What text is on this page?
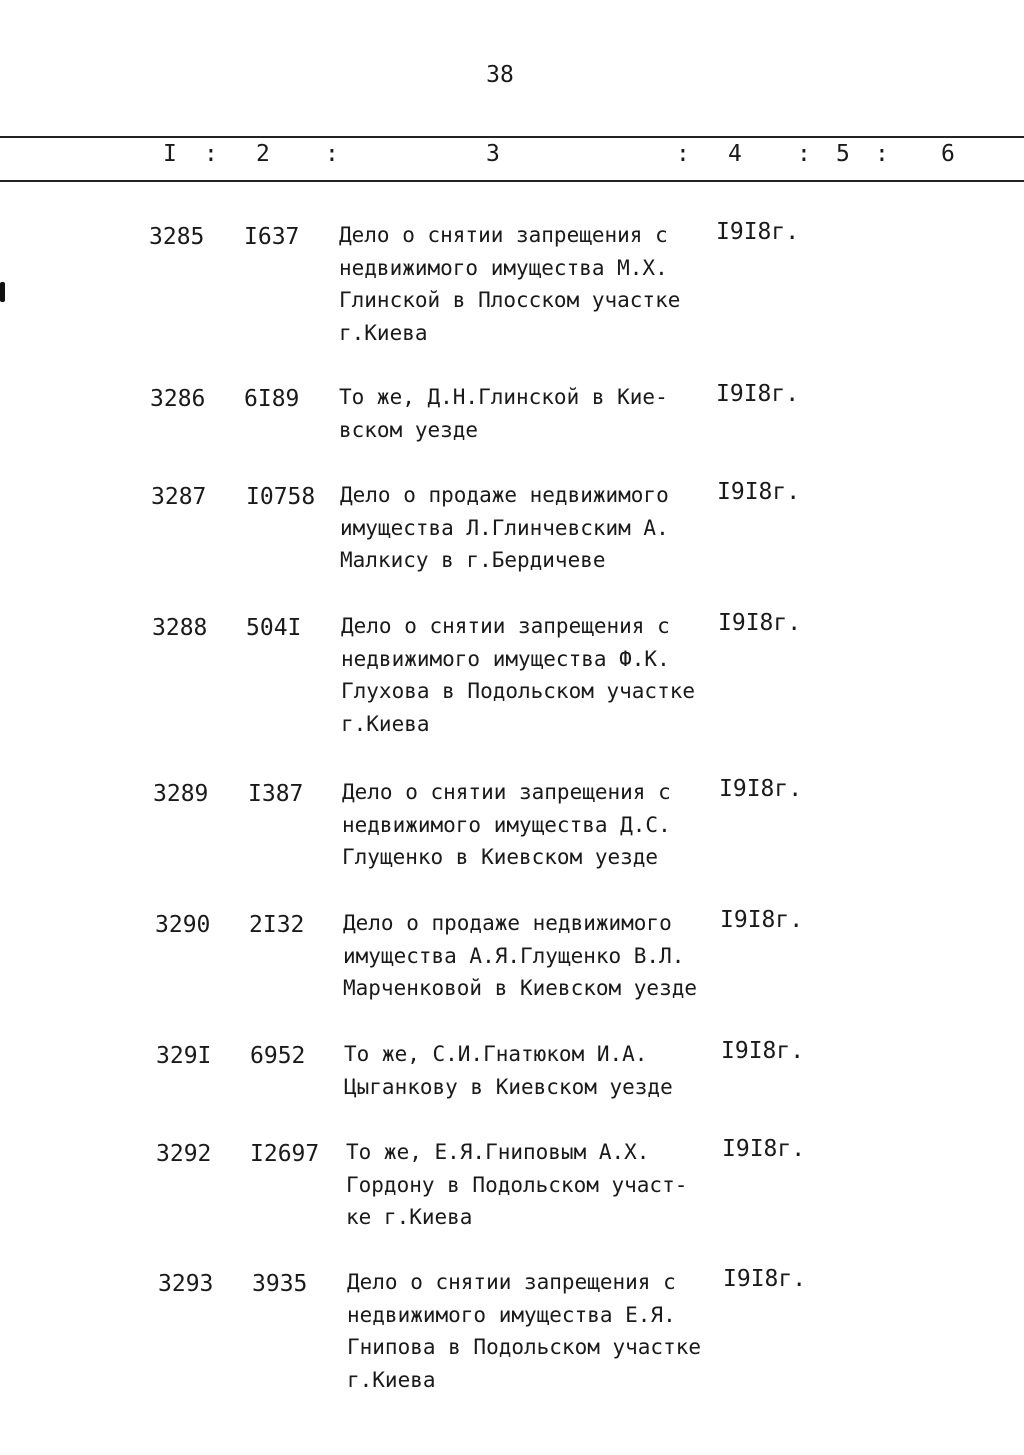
38
I : 2 :	3	: 4 : 5 : 6
3285 I637 Дело о снятии запрещения с
недвижимого имущества М.Х.
Глинской в Плосском участке
г.Киева
I9I8г.
3286 6I89 То же, Д.Н.Глинской в Кие-
вском уезде
I9I8г.
3287 I0758 Дело о продаже недвижимого
имущества Л.Глинчевским А.
Малкису в г.Бердичеве
I9I8г.
3288 504I Дело о снятии запрещения с
недвижимого имущества Ф.К.
Глухова в Подольском участке
г.Киева
I9I8г.
3289 I387 Дело о снятии запрещения с
недвижимого имущества Д.С.
Глущенко в Киевском уезде
I9I8г.
3290 2I32 Дело о продаже недвижимого
имущества А.Я.Глущенко В.Л.
Марченковой в Киевском уезде
I9I8г.
329I 6952 То же, С.И.Гнатюком И.А.
Цыганкову в Киевском уезде
I9I8г.
3292 I2697 То же, Е.Я.Гниповым А.Х.
Гордону в Подольском участ-
ке г.Киева
I9I8г.
3293 3935 Дело о снятии запрещения с
недвижимого имущества Е.Я.
Гнипова в Подольском участке
г.Киева
I9I8г.
